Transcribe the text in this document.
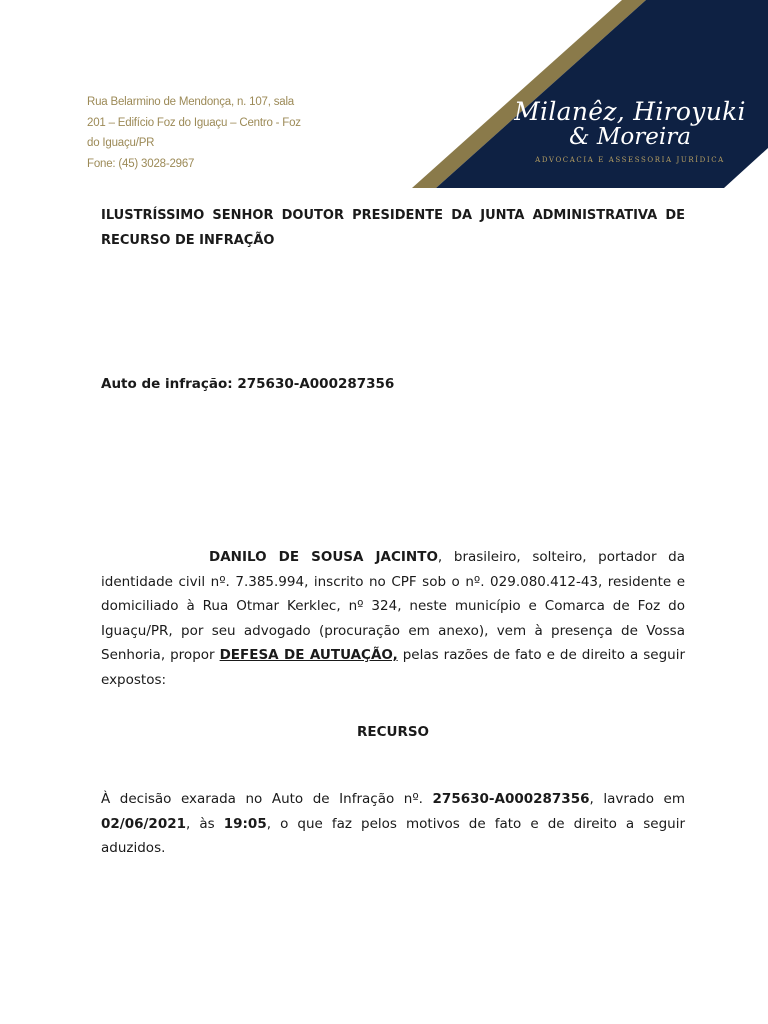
Milanêz, Hiroyuki
& Moreira
ADVOCACIA E ASSESSORIA JURÍDICA
Rua Belarmino de Mendonça, n. 107, sala
201 – Edifício Foz do Iguaçu – Centro - Foz
do Iguaçu/PR
Fone: (45) 3028-2967
ILUSTRÍSSIMO SENHOR DOUTOR PRESIDENTE DA JUNTA ADMINISTRATIVA DE RECURSO DE INFRAÇÃO
Auto de infração: 275630-A000287356
DANILO DE SOUSA JACINTO, brasileiro, solteiro, portador da identidade civil nº. 7.385.994, inscrito no CPF sob o nº. 029.080.412-43, residente e domiciliado à Rua Otmar Kerklec, nº 324, neste município e Comarca de Foz do Iguaçu/PR, por seu advogado (procuração em anexo), vem à presença de Vossa Senhoria, propor DEFESA DE AUTUAÇÃO, pelas razões de fato e de direito a seguir expostos:
RECURSO
À decisão exarada no Auto de Infração nº. 275630-A000287356, lavrado em 02/06/2021, às 19:05, o que faz pelos motivos de fato e de direito a seguir aduzidos.
